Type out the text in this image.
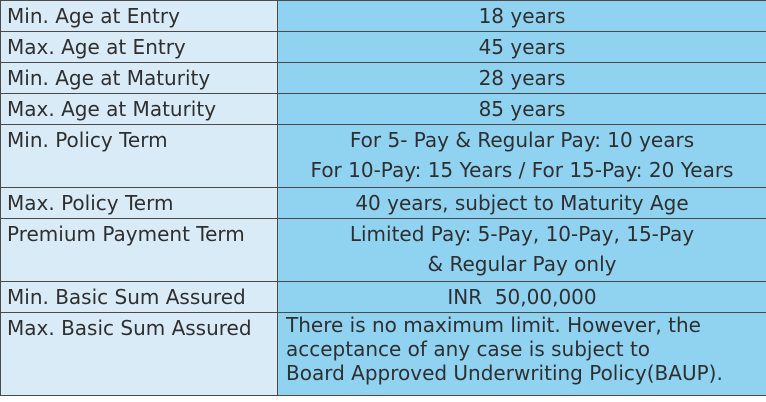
Min. Age at Entry	18 years

Max. Age at Entry	45 years

Min. Age at Maturity	28 years

Max. Age at Maturity	85 years

Min. Policy Term	For 5- Pay & Regular Pay: 10 years
For 10-Pay: 15 Years / For 15-Pay: 20 Years

Max. Policy Term	40 years, subject to Maturity Age

Premium Payment Term	Limited Pay: 5-Pay, 10-Pay, 15-Pay
& Regular Pay only

Min. Basic Sum Assured	INR  50,00,000

Max. Basic Sum Assured	There is no maximum limit. However, the
acceptance of any case is subject to
Board Approved Underwriting Policy(BAUP).
